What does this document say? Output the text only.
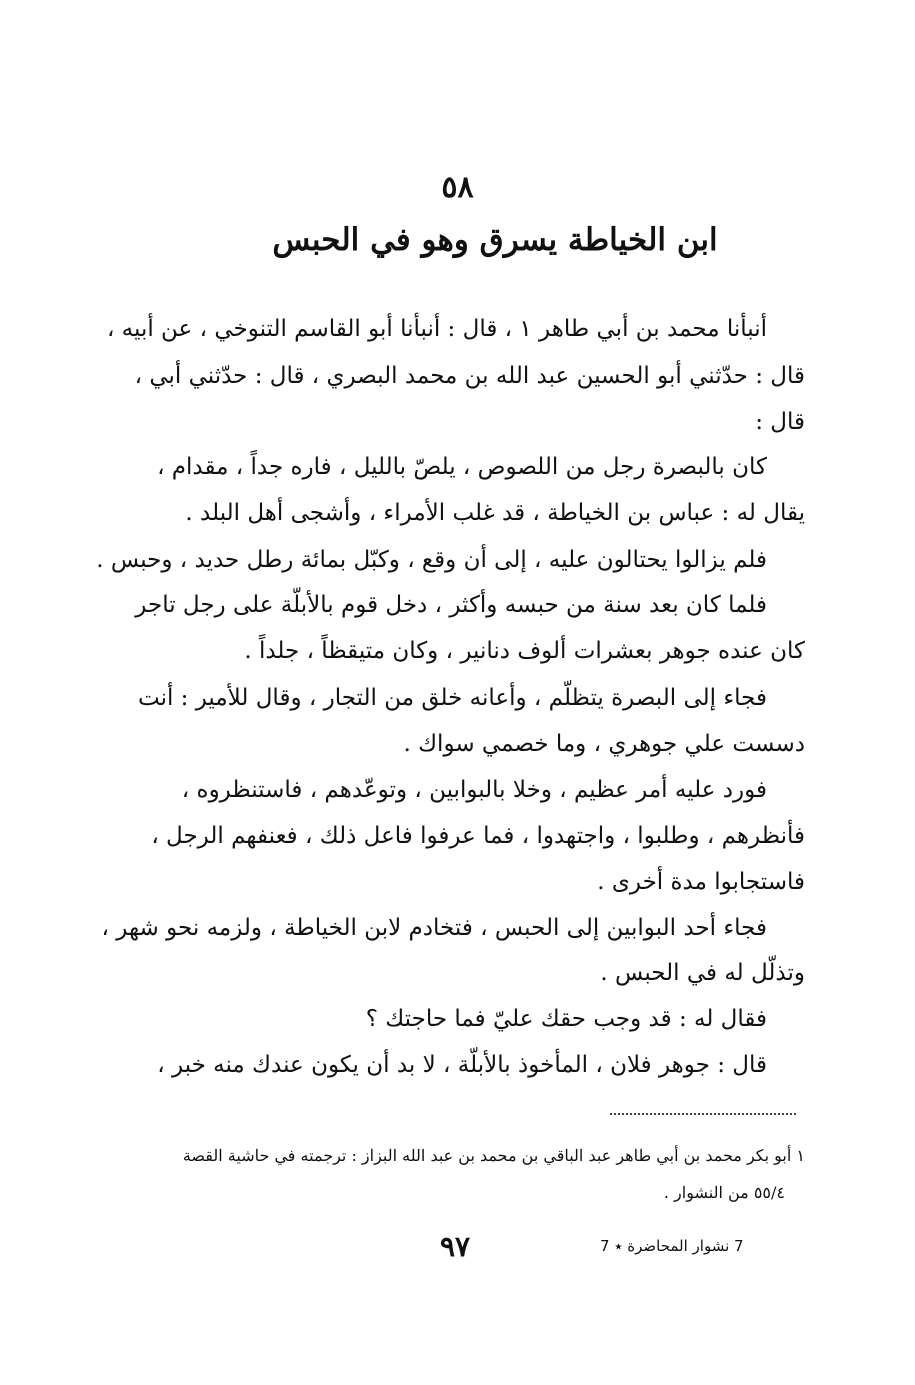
٥٨
ابن الخياطة يسرق وهو في الحبس
أنبأنا محمد بن أبي طاهر ١ ، قال : أنبأنا أبو القاسم التنوخي ، عن أبيه ،
قال : حدّثني أبو الحسين عبد الله بن محمد البصري ، قال : حدّثني أبي ،
قال :
كان بالبصرة رجل من اللصوص ، يلصّ بالليل ، فاره جداً ، مقدام ،
يقال له : عباس بن الخياطة ، قد غلب الأمراء ، وأشجى أهل البلد .
فلم يزالوا يحتالون عليه ، إلى أن وقع ، وكبّل بمائة رطل حديد ، وحبس .
فلما كان بعد سنة من حبسه وأكثر ، دخل قوم بالأبلّة على رجل تاجر
كان عنده جوهر بعشرات ألوف دنانير ، وكان متيقظاً ، جلداً .
فجاء إلى البصرة يتظلّم ، وأعانه خلق من التجار ، وقال للأمير : أنت
دسست علي جوهري ، وما خصمي سواك .
فورد عليه أمر عظيم ، وخلا بالبوابين ، وتوعّدهم ، فاستنظروه ،
فأنظرهم ، وطلبوا ، واجتهدوا ، فما عرفوا فاعل ذلك ، فعنفهم الرجل ،
فاستجابوا مدة أخرى .
فجاء أحد البوابين إلى الحبس ، فتخادم لابن الخياطة ، ولزمه نحو شهر ،
وتذلّل له في الحبس .
فقال له : قد وجب حقك عليّ فما حاجتك ؟
قال : جوهر فلان ، المأخوذ بالأبلّة ، لا بد أن يكون عندك منه خبر ،
١ أبو بكر محمد بن أبي طاهر عبد الباقي بن محمد بن عبد الله البزاز : ترجمته في حاشية القصة
٥٥/٤ من النشوار .
٩٧	7 نشوار المحاضرة ٭ 7
